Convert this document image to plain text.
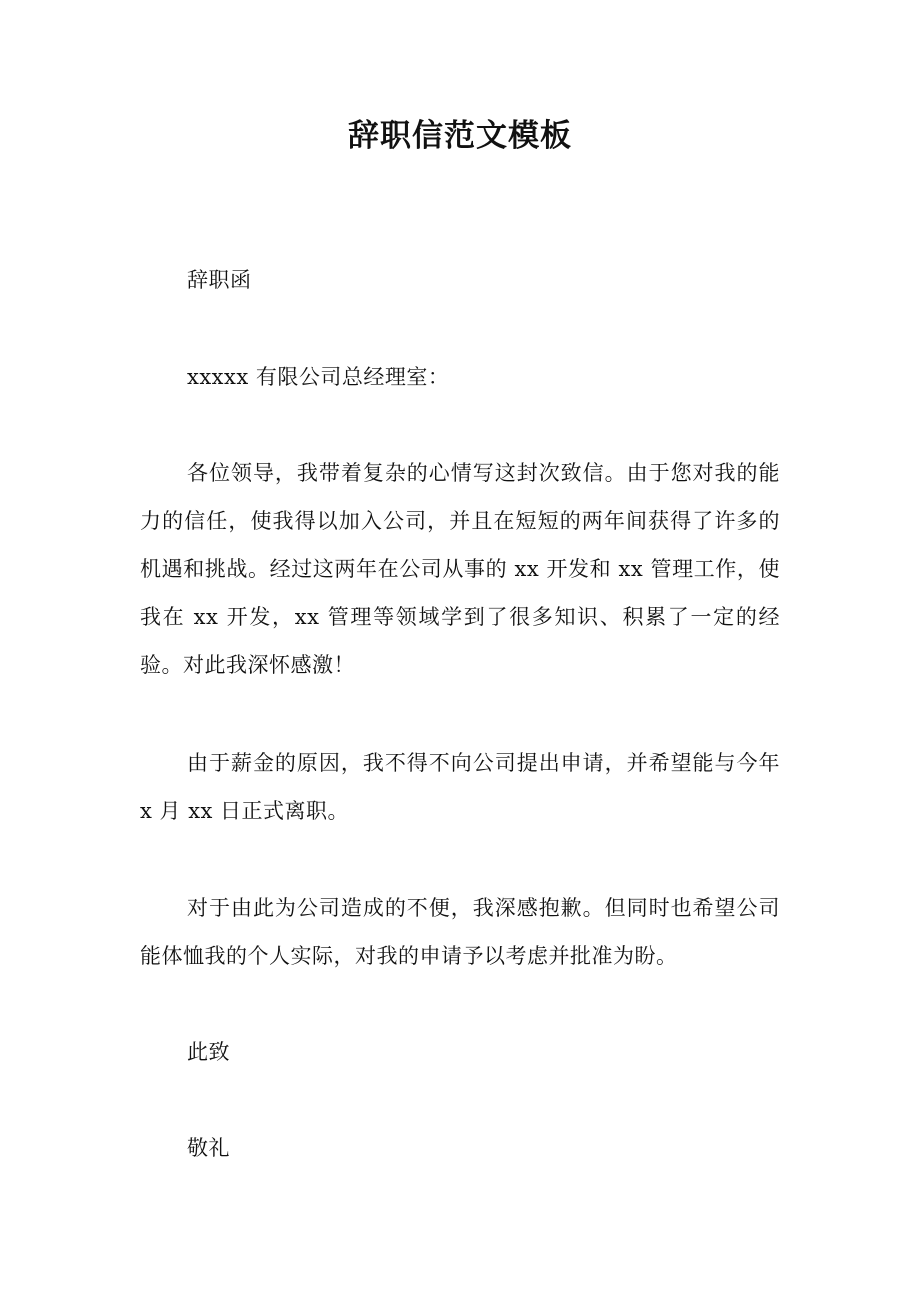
辞职信范文模板

辞职函

xxxxx 有限公司总经理室：

各位领导，我带着复杂的心情写这封次致信。由于您对我的能力的信任，使我得以加入公司，并且在短短的两年间获得了许多的机遇和挑战。经过这两年在公司从事的 xx 开发和 xx 管理工作，使我在 xx 开发，xx 管理等领域学到了很多知识、积累了一定的经验。对此我深怀感激！

由于薪金的原因，我不得不向公司提出申请，并希望能与今年 x 月 xx 日正式离职。

对于由此为公司造成的不便，我深感抱歉。但同时也希望公司能体恤我的个人实际，对我的申请予以考虑并批准为盼。

此致

敬礼
